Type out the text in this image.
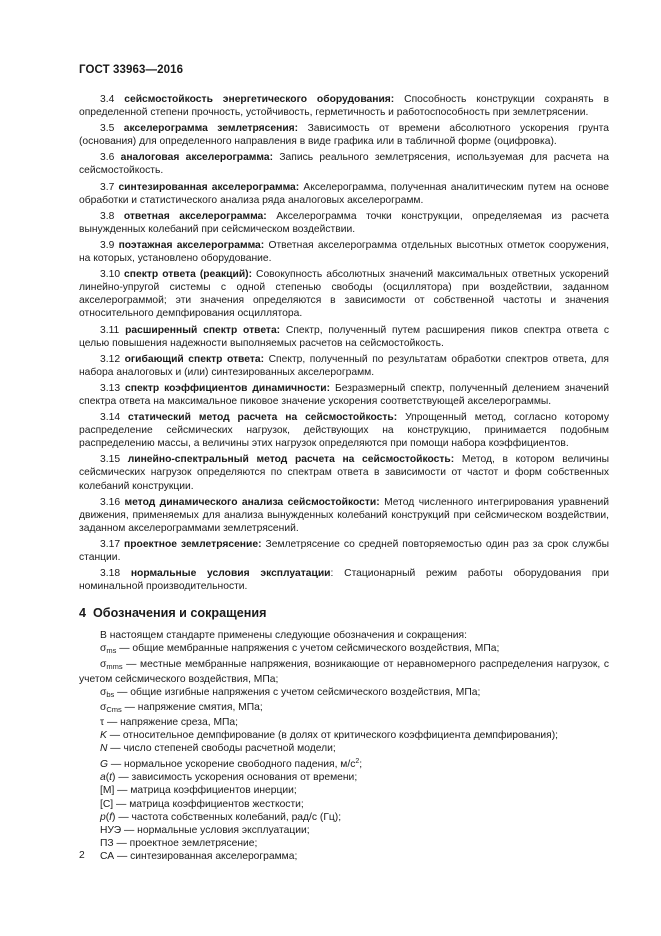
ГОСТ 33963—2016

3.4 сейсмостойкость энергетического оборудования: Способность конструкции сохранять в определенной степени прочность, устойчивость, герметичность и работоспособность при землетрясении.

3.5 акселерограмма землетрясения: Зависимость от времени абсолютного ускорения грунта (основания) для определенного направления в виде графика или в табличной форме (оцифровка).

3.6 аналоговая акселерограмма: Запись реального землетрясения, используемая для расчета на сейсмостойкость.

3.7 синтезированная акселерограмма: Акселерограмма, полученная аналитическим путем на основе обработки и статистического анализа ряда аналоговых акселерограмм.

3.8 ответная акселерограмма: Акселерограмма точки конструкции, определяемая из расчета вынужденных колебаний при сейсмическом воздействии.

3.9 поэтажная акселерограмма: Ответная акселерограмма отдельных высотных отметок сооружения, на которых, установлено оборудование.

3.10 спектр ответа (реакций): Совокупность абсолютных значений максимальных ответных ускорений линейно-упругой системы с одной степенью свободы (осциллятора) при воздействии, заданном акселерограммой; эти значения определяются в зависимости от собственной частоты и значения относительного демпфирования осциллятора.

3.11 расширенный спектр ответа: Спектр, полученный путем расширения пиков спектра ответа с целью повышения надежности выполняемых расчетов на сейсмостойкость.

3.12 огибающий спектр ответа: Спектр, полученный по результатам обработки спектров ответа, для набора аналоговых и (или) синтезированных акселерограмм.

3.13 спектр коэффициентов динамичности: Безразмерный спектр, полученный делением значений спектра ответа на максимальное пиковое значение ускорения соответствующей акселерограммы.

3.14 статический метод расчета на сейсмостойкость: Упрощенный метод, согласно которому распределение сейсмических нагрузок, действующих на конструкцию, принимается подобным распределению массы, а величины этих нагрузок определяются при помощи набора коэффициентов.

3.15 линейно-спектральный метод расчета на сейсмостойкость: Метод, в котором величины сейсмических нагрузок определяются по спектрам ответа в зависимости от частот и форм собственных колебаний конструкции.

3.16 метод динамического анализа сейсмостойкости: Метод численного интегрирования уравнений движения, применяемых для анализа вынужденных колебаний конструкций при сейсмическом воздействии, заданном акселерограммами землетрясений.

3.17 проектное землетрясение: Землетрясение со средней повторяемостью один раз за срок службы станции.

3.18 нормальные условия эксплуатации: Стационарный режим работы оборудования при номинальной производительности.

4 Обозначения и сокращения

В настоящем стандарте применены следующие обозначения и сокращения:

$\sigma_{ms}$ — общие мембранные напряжения с учетом сейсмического воздействия, МПа;
$\sigma_{mms}$ — местные мембранные напряжения, возникающие от неравномерного распределения нагрузок, с учетом сейсмического воздействия, МПа;
$\sigma_{bs}$ — общие изгибные напряжения с учетом сейсмического воздействия, МПа;
$\sigma_{Cms}$ — напряжение смятия, МПа;
τ — напряжение среза, МПа;
K — относительное демпфирование (в долях от критического коэффициента демпфирования);
N — число степеней свободы расчетной модели;
G — нормальное ускорение свободного падения, $м/с^2$;
a(t) — зависимость ускорения основания от времени;
[M] — матрица коэффициентов инерции;
[C] — матрица коэффициентов жесткости;
p(f) — частота собственных колебаний, рад/с (Гц);
НУЭ — нормальные условия эксплуатации;
ПЗ — проектное землетрясение;
СА — синтезированная акселерограмма;
2
